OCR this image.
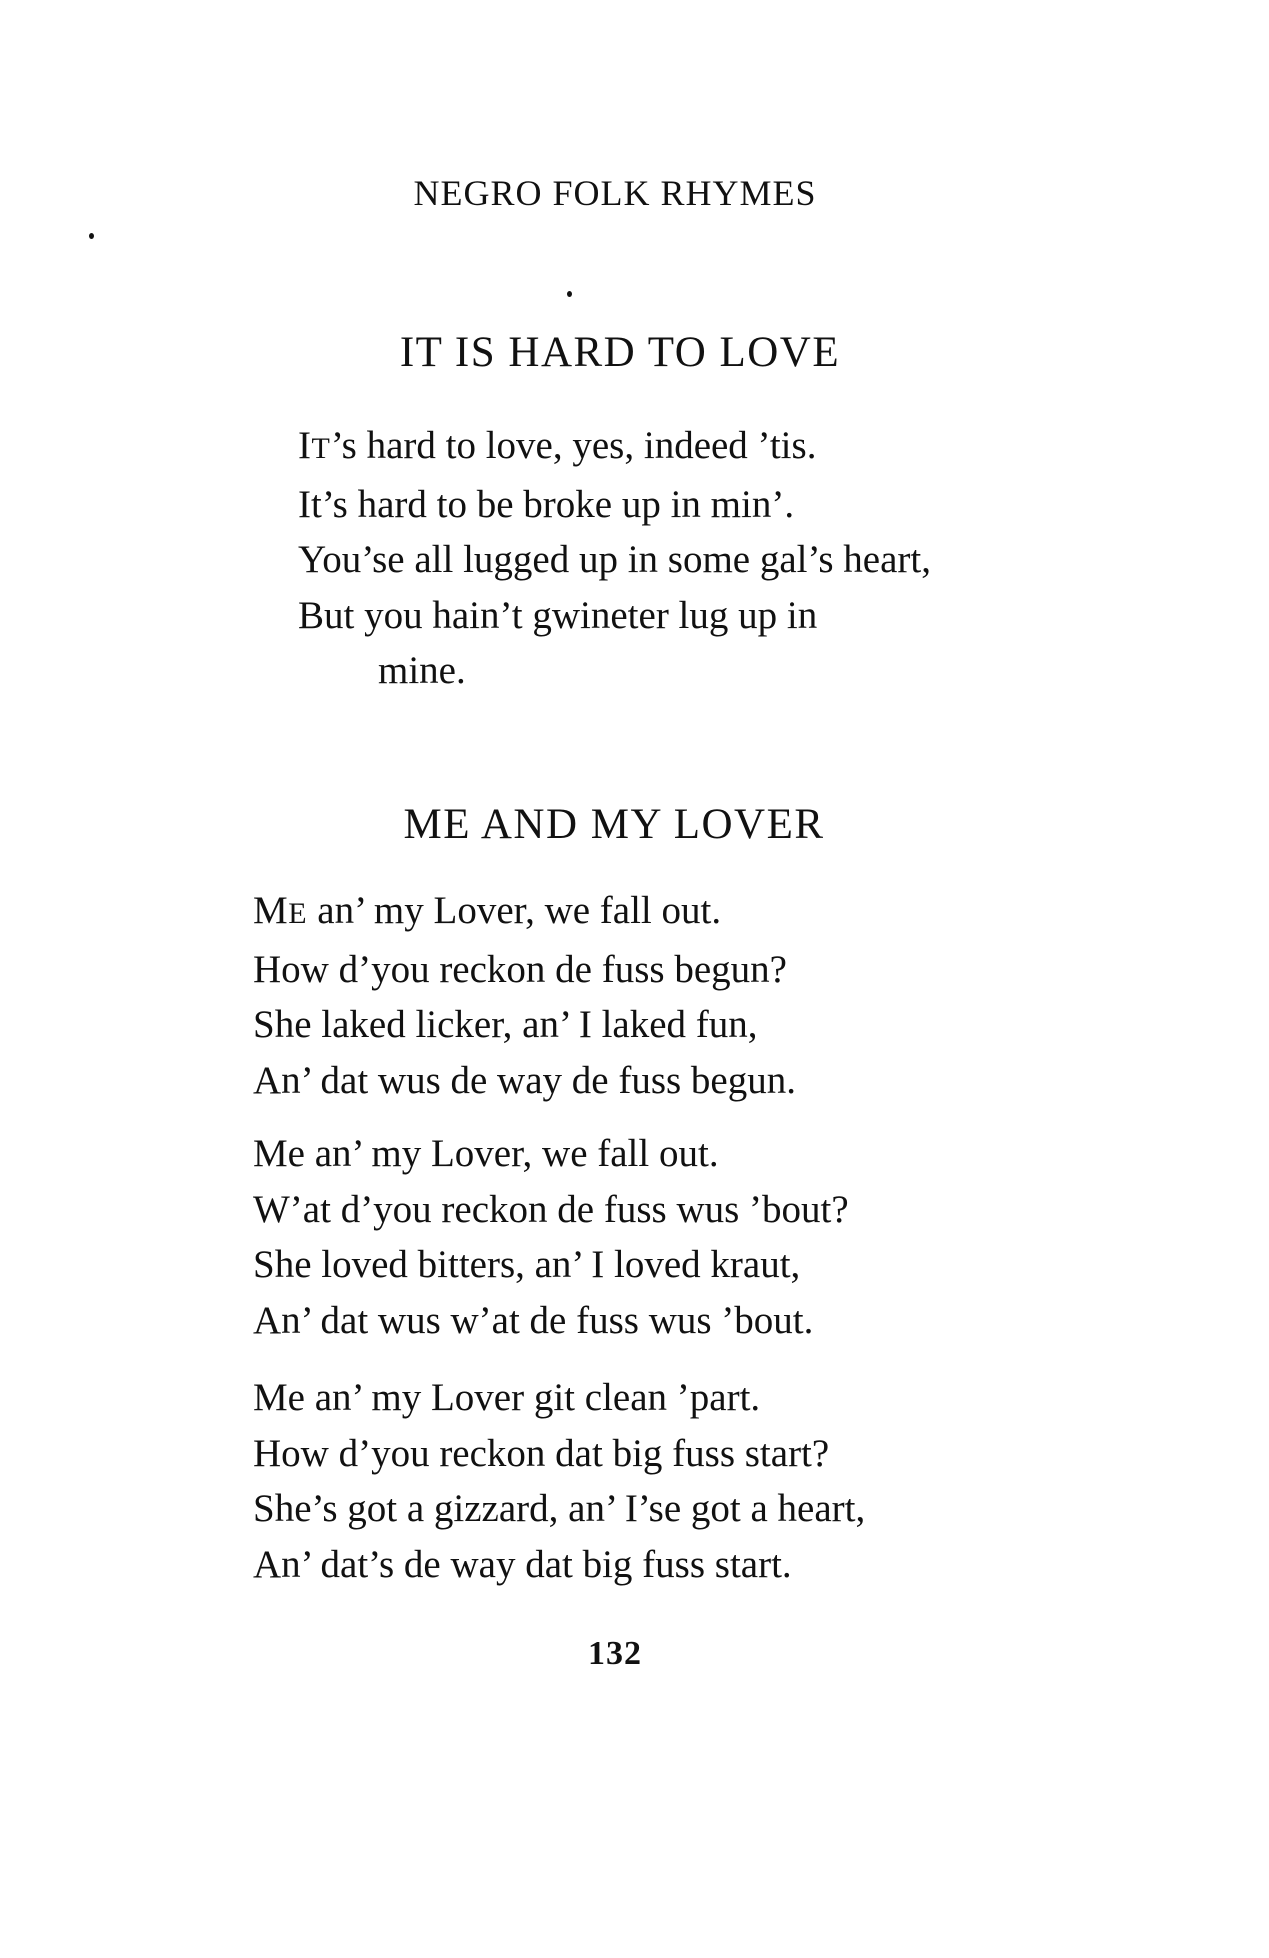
NEGRO FOLK RHYMES
IT IS HARD TO LOVE
IT’s hard to love, yes, indeed ’tis.
It’s hard to be broke up in min’.
You’se all lugged up in some gal’s heart,
But you hain’t gwineter lug up in
mine.
ME AND MY LOVER
ME an’ my Lover, we fall out.
How d’you reckon de fuss begun?
She laked licker, an’ I laked fun,
An’ dat wus de way de fuss begun.
Me an’ my Lover, we fall out.
W’at d’you reckon de fuss wus ’bout?
She loved bitters, an’ I loved kraut,
An’ dat wus w’at de fuss wus ’bout.
Me an’ my Lover git clean ’part.
How d’you reckon dat big fuss start?
She’s got a gizzard, an’ I’se got a heart,
An’ dat’s de way dat big fuss start.
132
